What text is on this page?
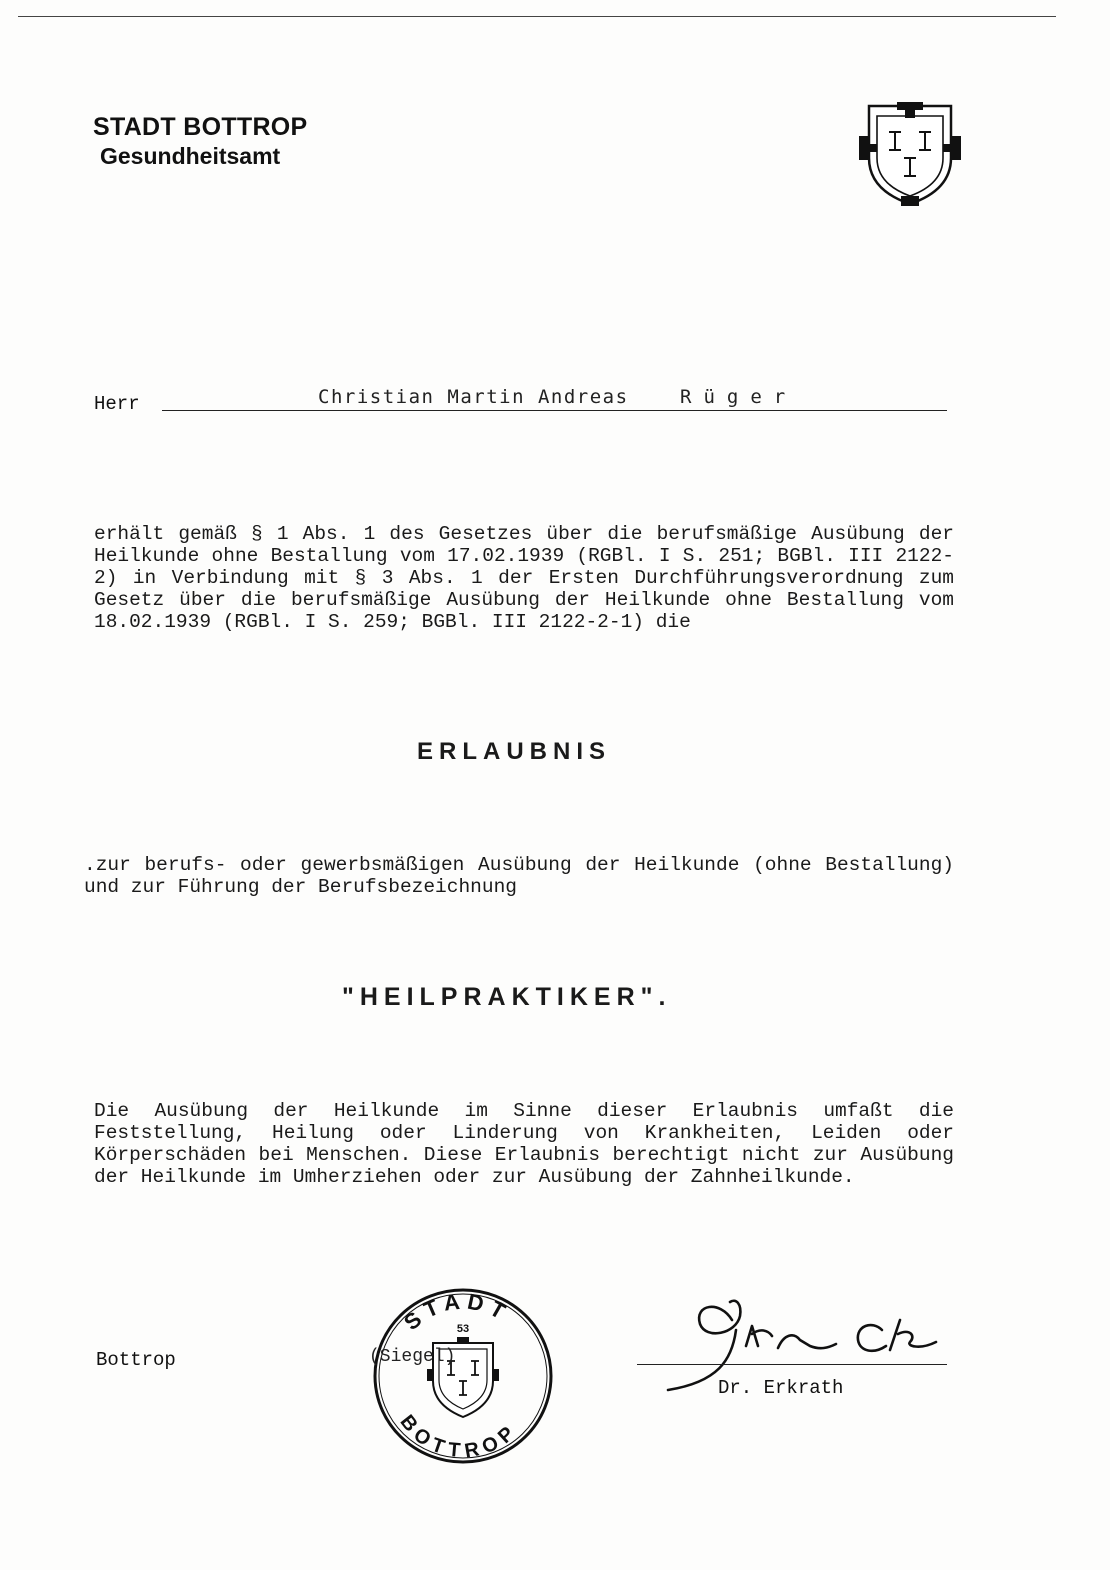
STADT BOTTROP
Gesundheitsamt
Herr	Christian Martin Andreas	Rüger
erhält gemäß § 1 Abs. 1 des Gesetzes über die berufsmäßige Ausübung der Heilkunde ohne Bestallung vom 17.02.1939 (RGBl. I S. 251; BGBl. III 2122-2) in Verbindung mit § 3 Abs. 1 der Ersten Durchführungsverordnung zum Gesetz über die berufsmäßige Ausübung der Heilkunde ohne Bestallung vom 18.02.1939 (RGBl. I S. 259; BGBl. III 2122-2-1) die
ERLAUBNIS
.zur berufs- oder gewerbsmäßigen Ausübung der Heilkunde (ohne Bestallung) und zur Führung der Berufsbezeichnung
"HEILPRAKTIKER".
Die Ausübung der Heilkunde im Sinne dieser Erlaubnis umfaßt die Feststellung, Heilung oder Linderung von Krankheiten, Leiden oder Körperschäden bei Menschen. Diese Erlaubnis berechtigt nicht zur Ausübung der Heilkunde im Umherziehen oder zur Ausübung der Zahnheilkunde.
Bottrop
STADT
BOTTROP
53
(Siegel)
Dr. Erkrath
